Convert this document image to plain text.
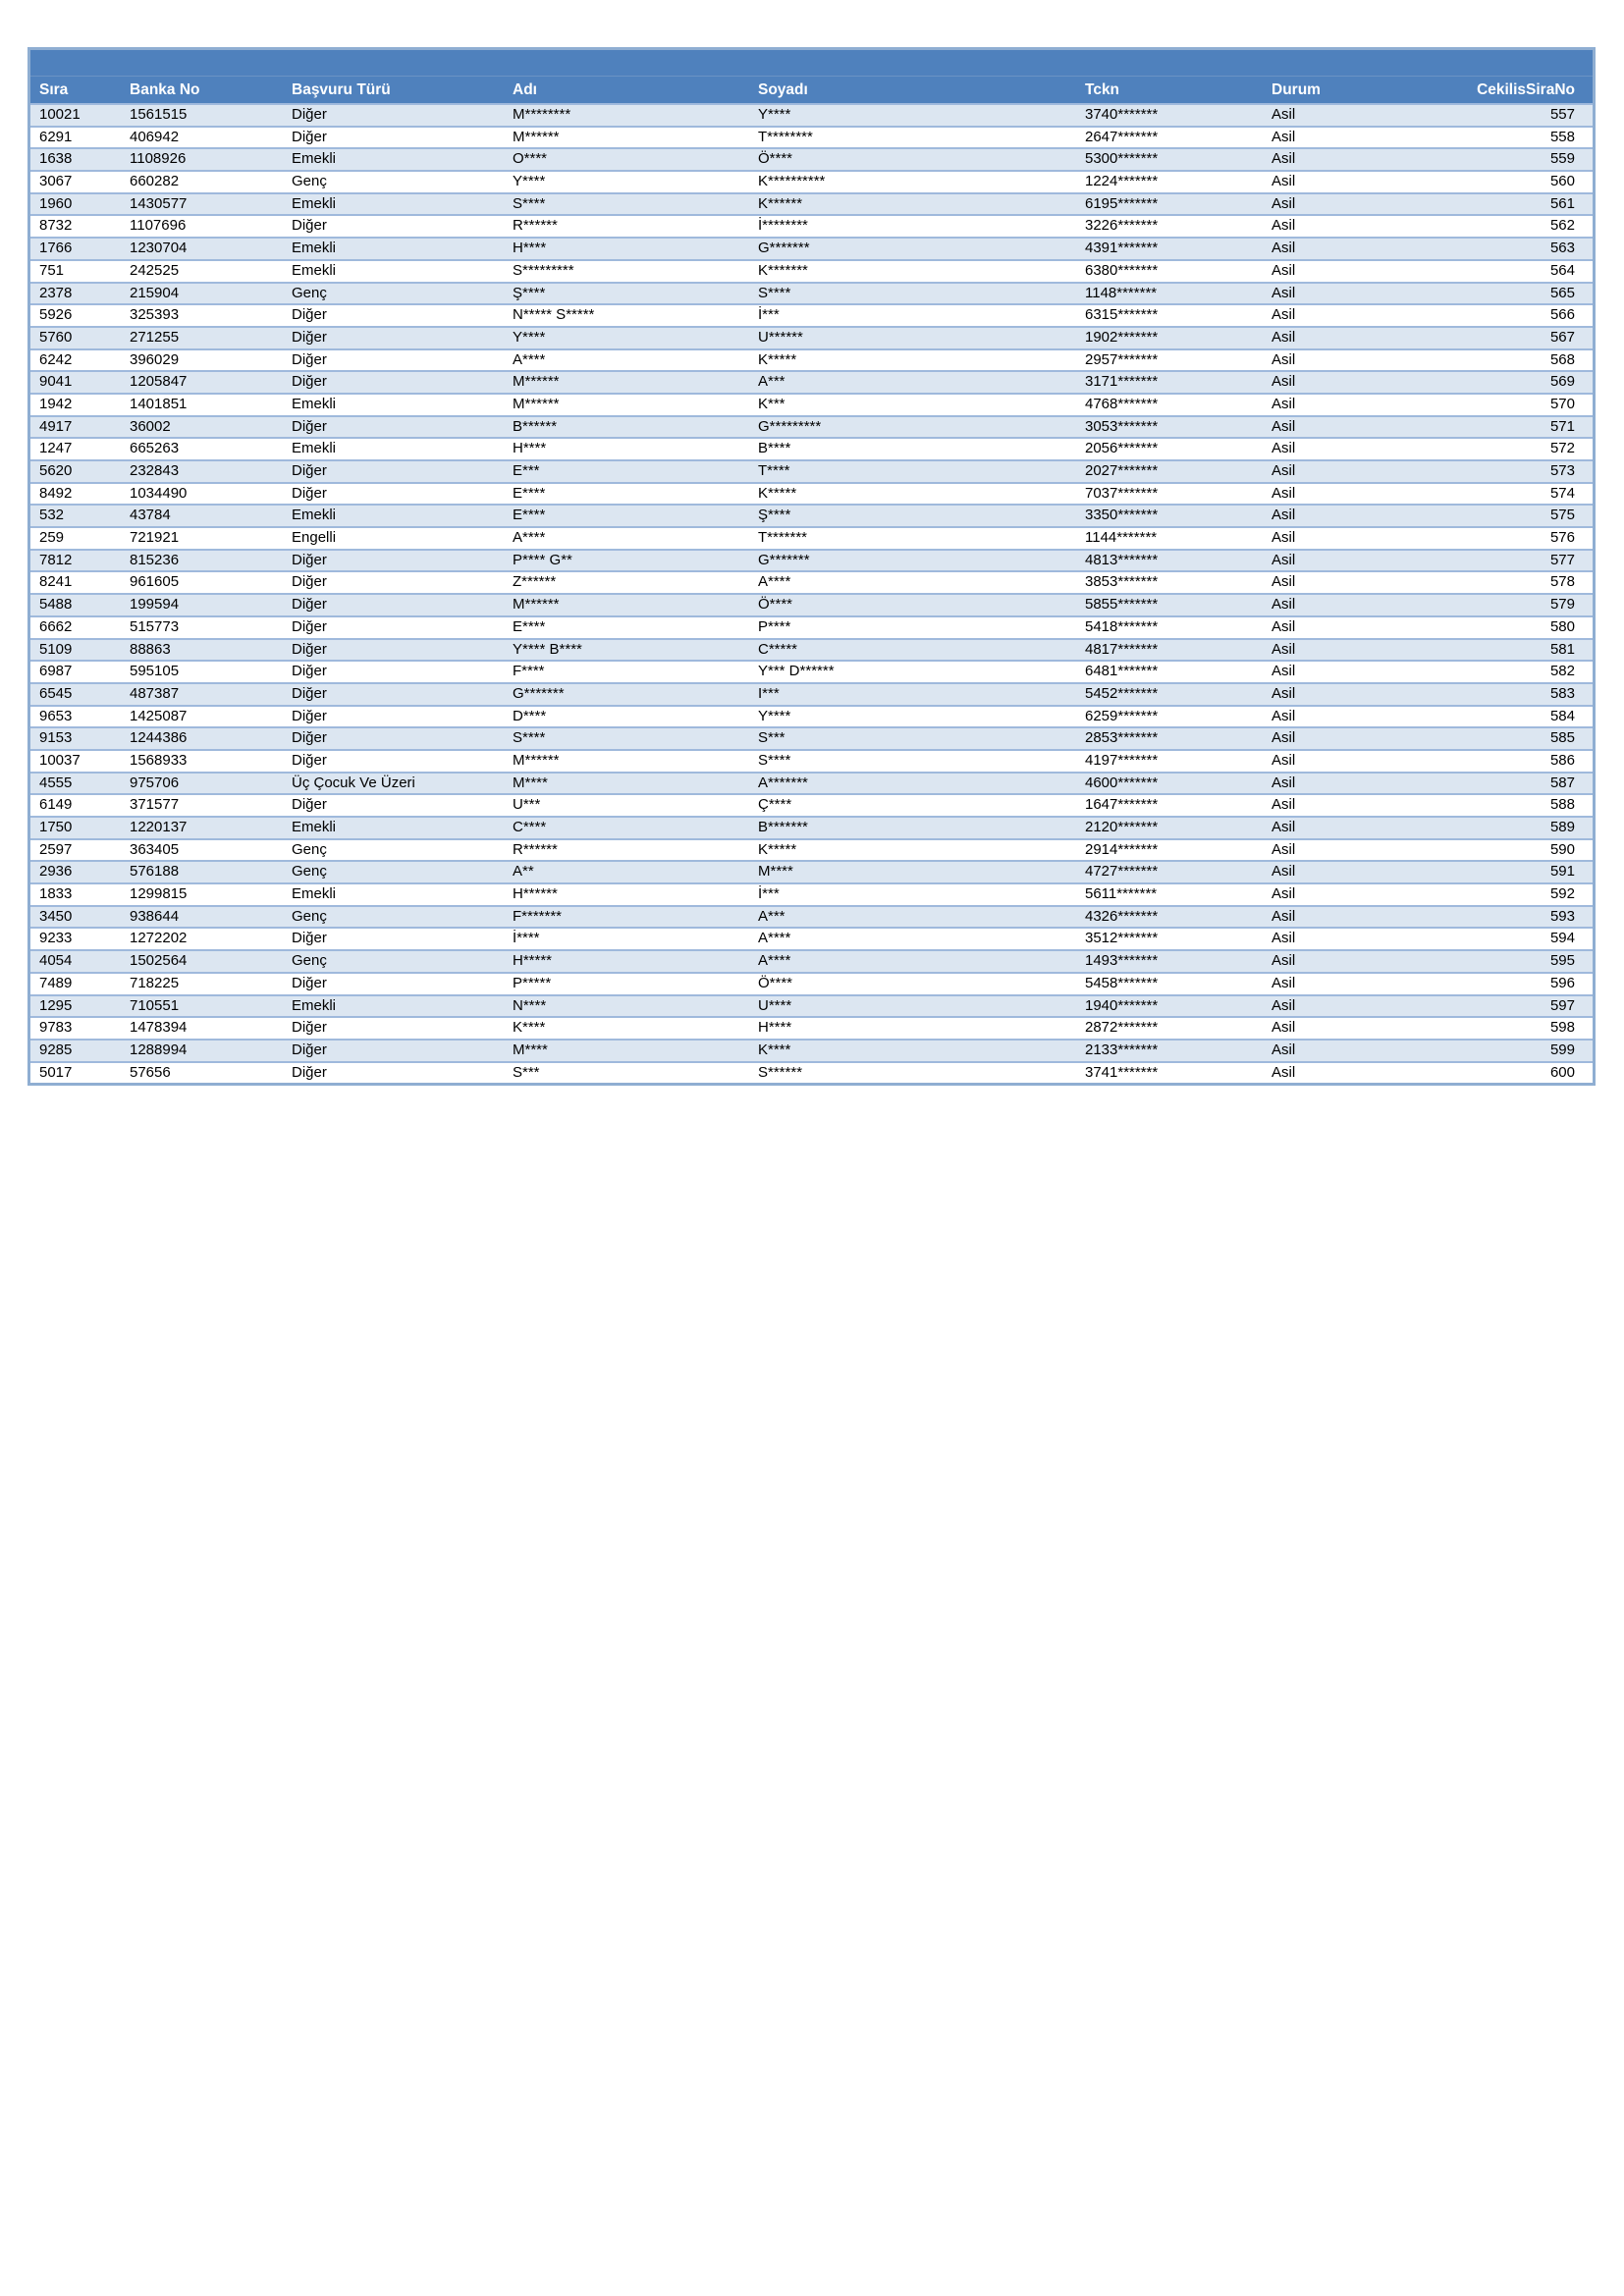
Sıra	Banka No	Başvuru Türü	Adı	Soyadı	Tckn	Durum	CekilisSiraNo
10021	1561515	Diğer	M********	Y****	3740*******	Asil	557
6291	406942	Diğer	M******	T********	2647*******	Asil	558
1638	1108926	Emekli	O****	Ö****	5300*******	Asil	559
3067	660282	Genç	Y****	K**********	1224*******	Asil	560
1960	1430577	Emekli	S****	K******	6195*******	Asil	561
8732	1107696	Diğer	R******	İ********	3226*******	Asil	562
1766	1230704	Emekli	H****	G*******	4391*******	Asil	563
751	242525	Emekli	S*********	K*******	6380*******	Asil	564
2378	215904	Genç	Ş****	S****	1148*******	Asil	565
5926	325393	Diğer	N***** S*****	İ***	6315*******	Asil	566
5760	271255	Diğer	Y****	U******	1902*******	Asil	567
6242	396029	Diğer	A****	K*****	2957*******	Asil	568
9041	1205847	Diğer	M******	A***	3171*******	Asil	569
1942	1401851	Emekli	M******	K***	4768*******	Asil	570
4917	36002	Diğer	B******	G*********	3053*******	Asil	571
1247	665263	Emekli	H****	B****	2056*******	Asil	572
5620	232843	Diğer	E***	T****	2027*******	Asil	573
8492	1034490	Diğer	E****	K*****	7037*******	Asil	574
532	43784	Emekli	E****	Ş****	3350*******	Asil	575
259	721921	Engelli	A****	T*******	1144*******	Asil	576
7812	815236	Diğer	P**** G**	G*******	4813*******	Asil	577
8241	961605	Diğer	Z******	A****	3853*******	Asil	578
5488	199594	Diğer	M******	Ö****	5855*******	Asil	579
6662	515773	Diğer	E****	P****	5418*******	Asil	580
5109	88863	Diğer	Y**** B****	C*****	4817*******	Asil	581
6987	595105	Diğer	F****	Y*** D******	6481*******	Asil	582
6545	487387	Diğer	G*******	I***	5452*******	Asil	583
9653	1425087	Diğer	D****	Y****	6259*******	Asil	584
9153	1244386	Diğer	S****	S***	2853*******	Asil	585
10037	1568933	Diğer	M******	S****	4197*******	Asil	586
4555	975706	Üç Çocuk Ve Üzeri	M****	A*******	4600*******	Asil	587
6149	371577	Diğer	U***	Ç****	1647*******	Asil	588
1750	1220137	Emekli	C****	B*******	2120*******	Asil	589
2597	363405	Genç	R******	K*****	2914*******	Asil	590
2936	576188	Genç	A**	M****	4727*******	Asil	591
1833	1299815	Emekli	H******	İ***	5611*******	Asil	592
3450	938644	Genç	F*******	A***	4326*******	Asil	593
9233	1272202	Diğer	İ****	A****	3512*******	Asil	594
4054	1502564	Genç	H*****	A****	1493*******	Asil	595
7489	718225	Diğer	P*****	Ö****	5458*******	Asil	596
1295	710551	Emekli	N****	U****	1940*******	Asil	597
9783	1478394	Diğer	K****	H****	2872*******	Asil	598
9285	1288994	Diğer	M****	K****	2133*******	Asil	599
5017	57656	Diğer	S***	S******	3741*******	Asil	600
